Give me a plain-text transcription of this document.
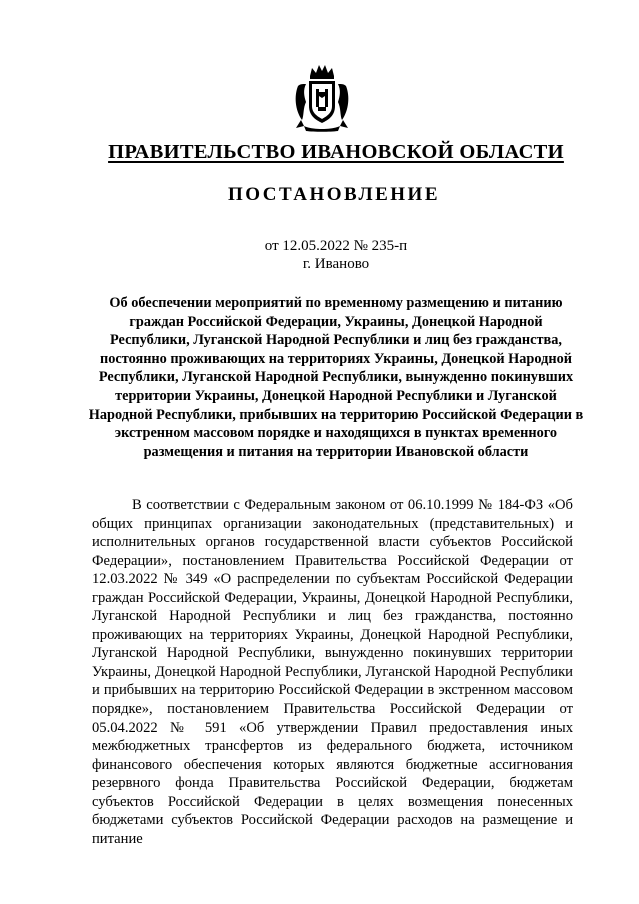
ПРАВИТЕЛЬСТВО ИВАНОВСКОЙ ОБЛАСТИ
ПОСТАНОВЛЕНИЕ
от 12.05.2022 № 235-п
г. Иваново
Об обеспечении мероприятий по временному размещению и питанию граждан Российской Федерации, Украины, Донецкой Народной Республики, Луганской Народной Республики и лиц без гражданства, постоянно проживающих на территориях Украины, Донецкой Народной Республики, Луганской Народной Республики, вынужденно покинувших территории Украины, Донецкой Народной Республики и Луганской Народной Республики, прибывших на территорию Российской Федерации в экстренном массовом порядке и находящихся в пунктах временного размещения и питания на территории Ивановской области

В соответствии с Федеральным законом от 06.10.1999 № 184-ФЗ «Об общих принципах организации законодательных (представительных) и исполнительных органов государственной власти субъектов Российской Федерации», постановлением Правительства Российской Федерации от 12.03.2022 № 349 «О распределении по субъектам Российской Федерации граждан Российской Федерации, Украины, Донецкой Народной Республики, Луганской Народной Республики и лиц без гражданства, постоянно проживающих на территориях Украины, Донецкой Народной Республики, Луганской Народной Республики, вынужденно покинувших территории Украины, Донецкой Народной Республики, Луганской Народной Республики и прибывших на территорию Российской Федерации в экстренном массовом порядке», постановлением Правительства Российской Федерации от 05.04.2022 № 591 «Об утверждении Правил предоставления иных межбюджетных трансфертов из федерального бюджета, источником финансового обеспечения которых являются бюджетные ассигнования резервного фонда Правительства Российской Федерации, бюджетам субъектов Российской Федерации в целях возмещения понесенных бюджетами субъектов Российской Федерации расходов на размещение и питание
